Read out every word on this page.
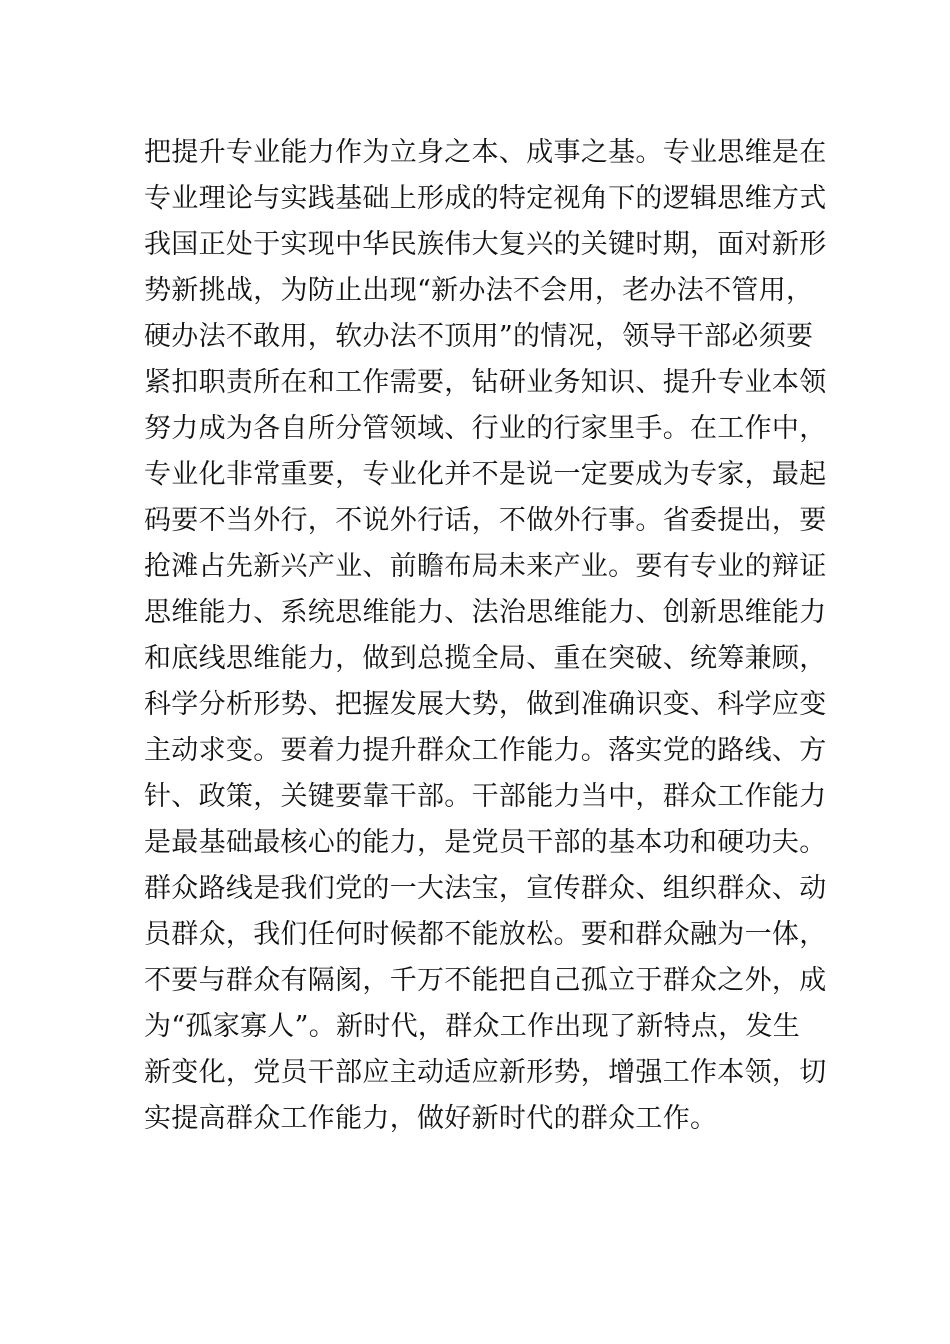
把提升专业能力作为立身之本、成事之基。专业思维是在
专业理论与实践基础上形成的特定视角下的逻辑思维方式
我国正处于实现中华民族伟大复兴的关键时期，面对新形
势新挑战，为防止出现“新办法不会用，老办法不管用，
硬办法不敢用，软办法不顶用”的情况，领导干部必须要
紧扣职责所在和工作需要，钻研业务知识、提升专业本领
努力成为各自所分管领域、行业的行家里手。在工作中，
专业化非常重要，专业化并不是说一定要成为专家，最起
码要不当外行，不说外行话，不做外行事。省委提出，要
抢滩占先新兴产业、前瞻布局未来产业。要有专业的辩证
思维能力、系统思维能力、法治思维能力、创新思维能力
和底线思维能力，做到总揽全局、重在突破、统筹兼顾，
科学分析形势、把握发展大势，做到准确识变、科学应变
主动求变。要着力提升群众工作能力。落实党的路线、方
针、政策，关键要靠干部。干部能力当中，群众工作能力
是最基础最核心的能力，是党员干部的基本功和硬功夫。
群众路线是我们党的一大法宝，宣传群众、组织群众、动
员群众，我们任何时候都不能放松。要和群众融为一体，
不要与群众有隔阂，千万不能把自己孤立于群众之外，成
为“孤家寡人”。新时代，群众工作出现了新特点，发生
新变化，党员干部应主动适应新形势，增强工作本领，切
实提高群众工作能力，做好新时代的群众工作。
